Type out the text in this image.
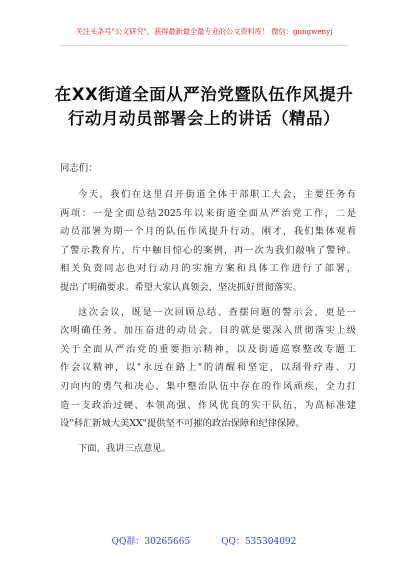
关注头条号"公文研究"，获得最新最全最专业的公文资料库！ 微信：gongwenyj
在XX街道全面从严治党暨队伍作风提升
行动月动员部署会上的讲话（精品）
同志们：
今天，我们在这里召开街道全体干部职工大会，主要任务有
两项：一是全面总结2025年以来街道全面从严治党工作，二是
动员部署为期一个月的队伍作风提升行动。刚才，我们集体观看
了警示教育片，片中触目惊心的案例，再一次为我们敲响了警钟。
相关负责同志也对行动月的实施方案和具体工作进行了部署，
提出了明确要求。希望大家认真领会，坚决抓好贯彻落实。
这次会议，既是一次回顾总结、查摆问题的警示会，更是一
次明确任务、加压奋进的动员会。目的就是要深入贯彻落实上级
关于全面从严治党的重要指示精神，以及街道巡察整改专题工
作会议精神，以"永远在路上"的清醒和坚定，以刮骨疗毒、刀
刃向内的勇气和决心，集中整治队伍中存在的作风顽疾，全力打
造一支政治过硬、本领高强、作风优良的实干队伍，为高标准建
设"科汇新城大美XX"提供坚不可摧的政治保障和纪律保障。
下面，我讲三点意见。
QQ群：30265665	QQ：535304092
